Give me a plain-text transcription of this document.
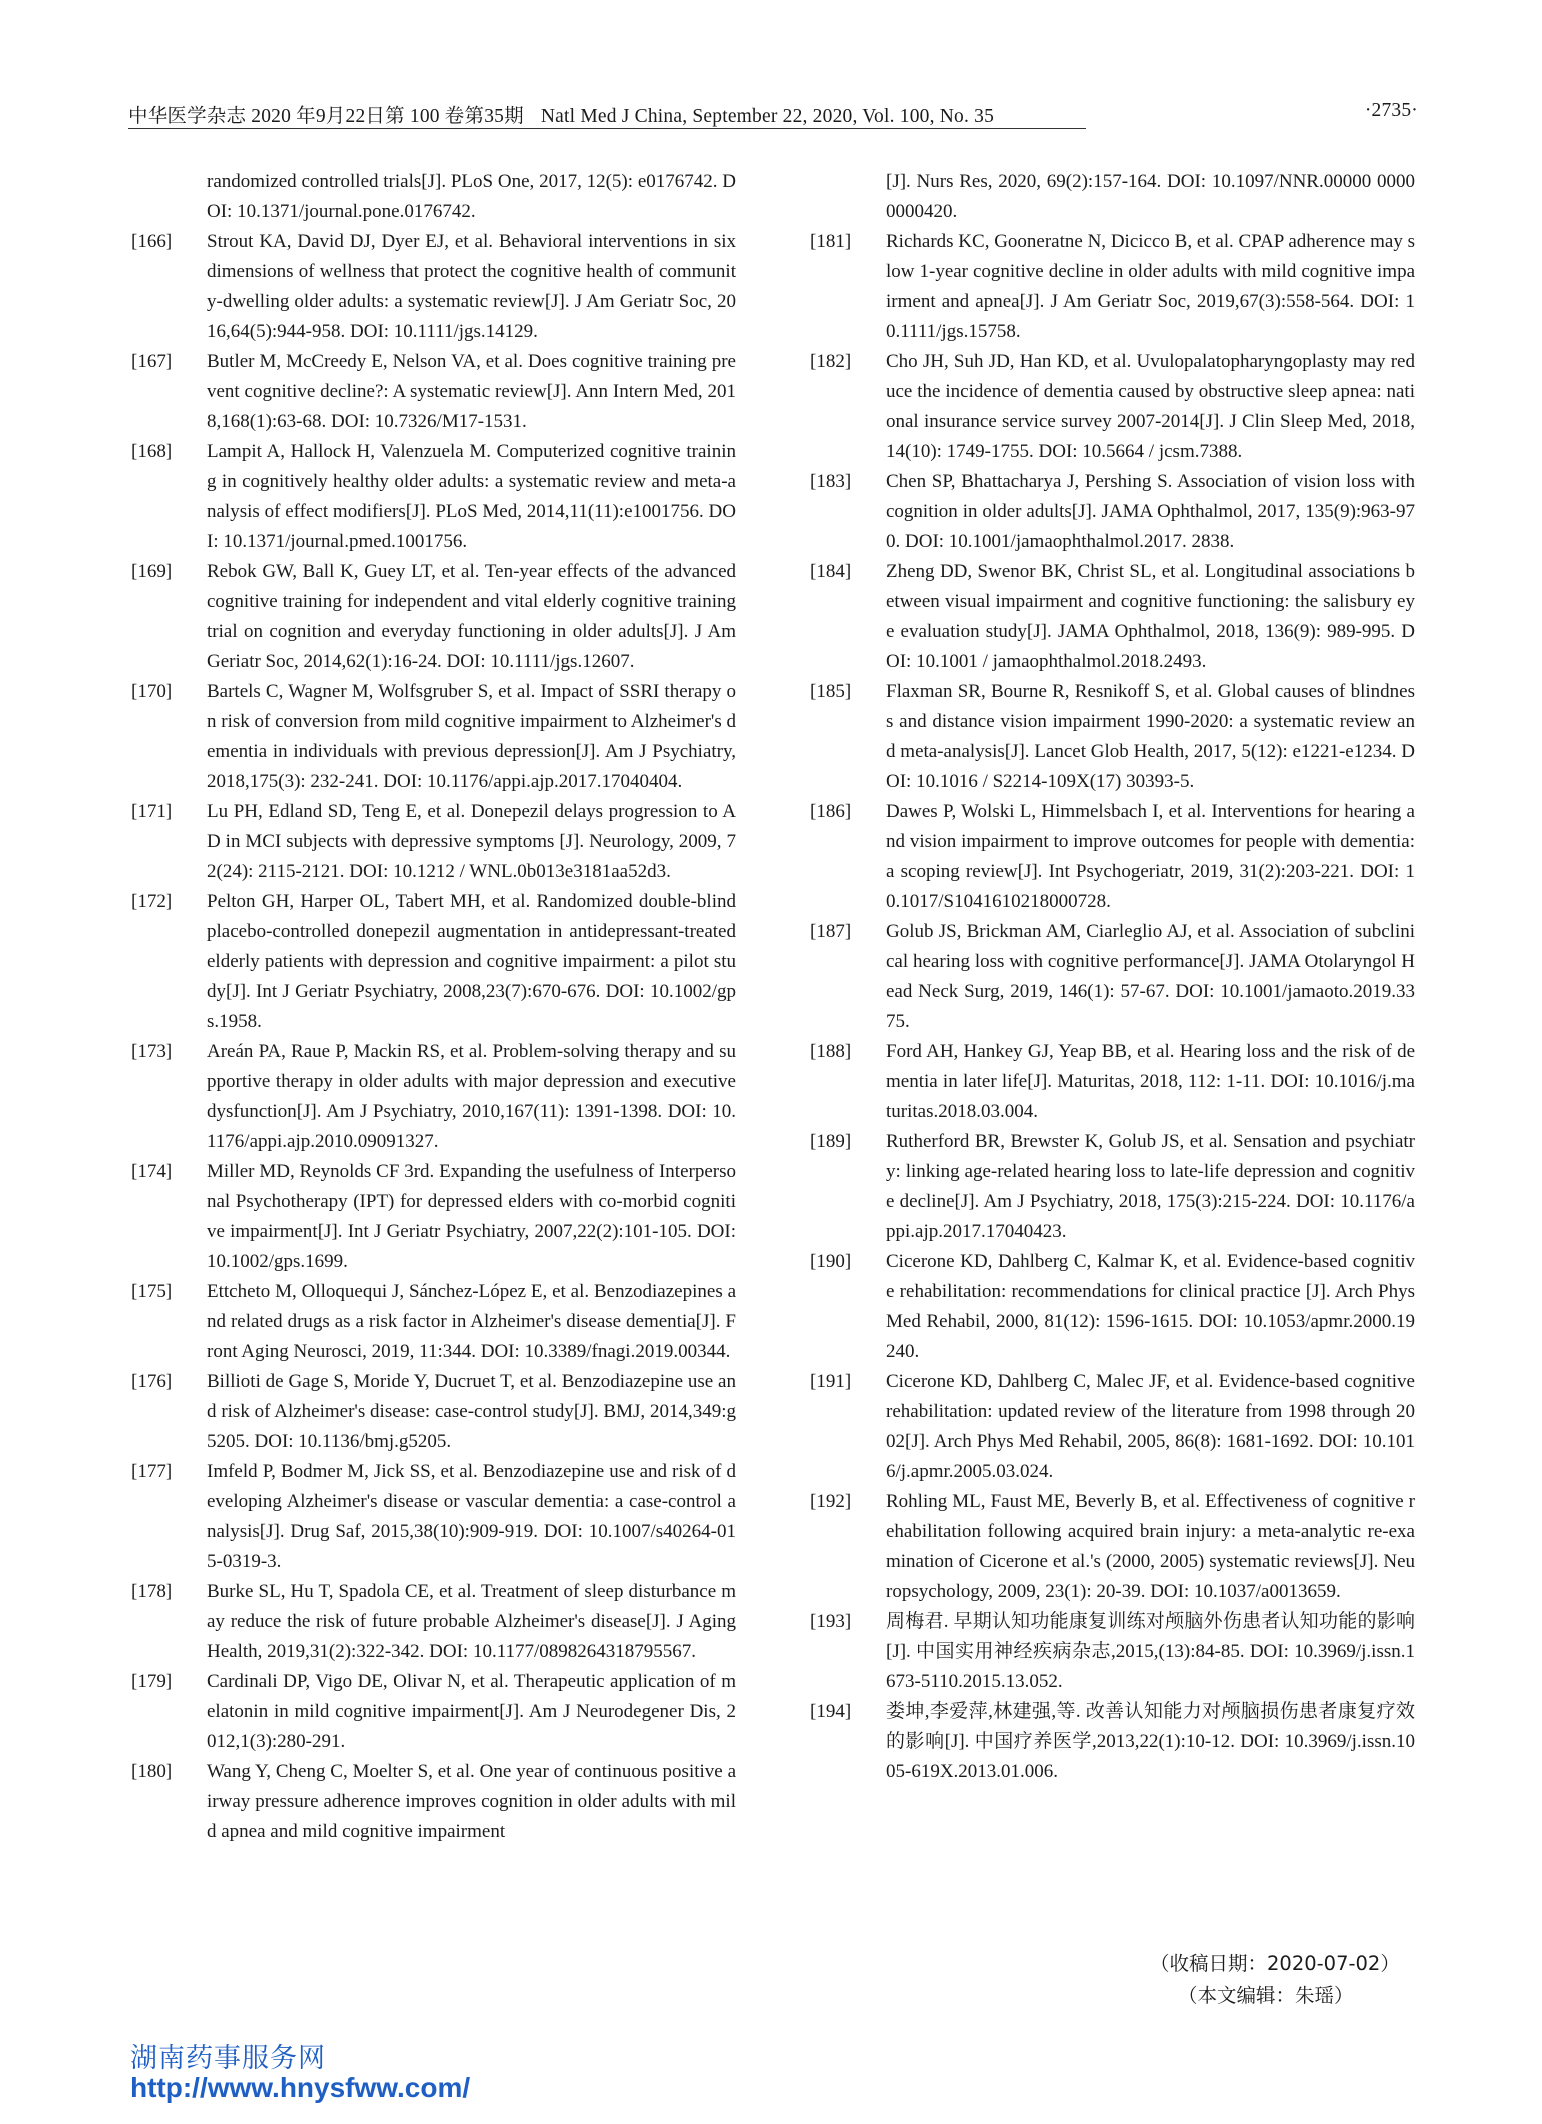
中华医学杂志 2020 年9月22日第 100 卷第35期 Natl Med J China, September 22, 2020, Vol. 100, No. 35	·2735·

randomized controlled trials[J]. PLoS One, 2017, 12(5): e0176742. DOI: 10.1371/journal.pone.0176742.

[166] Strout KA, David DJ, Dyer EJ, et al. Behavioral interventions in six dimensions of wellness that protect the cognitive health of community-dwelling older adults: a systematic review[J]. J Am Geriatr Soc, 2016,64(5):944-958. DOI: 10.1111/jgs.14129.

[167] Butler M, McCreedy E, Nelson VA, et al. Does cognitive training prevent cognitive decline?: A systematic review[J]. Ann Intern Med, 2018,168(1):63-68. DOI: 10.7326/M17-1531.

[168] Lampit A, Hallock H, Valenzuela M. Computerized cognitive training in cognitively healthy older adults: a systematic review and meta-analysis of effect modifiers[J]. PLoS Med, 2014,11(11):e1001756. DOI: 10.1371/journal.pmed.1001756.

[169] Rebok GW, Ball K, Guey LT, et al. Ten-year effects of the advanced cognitive training for independent and vital elderly cognitive training trial on cognition and everyday functioning in older adults[J]. J Am Geriatr Soc, 2014,62(1):16-24. DOI: 10.1111/jgs.12607.

[170] Bartels C, Wagner M, Wolfsgruber S, et al. Impact of SSRI therapy on risk of conversion from mild cognitive impairment to Alzheimer's dementia in individuals with previous depression[J]. Am J Psychiatry, 2018,175(3): 232-241. DOI: 10.1176/appi.ajp.2017.17040404.

[171] Lu PH, Edland SD, Teng E, et al. Donepezil delays progression to AD in MCI subjects with depressive symptoms [J]. Neurology, 2009, 72(24): 2115-2121. DOI: 10.1212 / WNL.0b013e3181aa52d3.

[172] Pelton GH, Harper OL, Tabert MH, et al. Randomized double-blind placebo-controlled donepezil augmentation in antidepressant-treated elderly patients with depression and cognitive impairment: a pilot study[J]. Int J Geriatr Psychiatry, 2008,23(7):670-676. DOI: 10.1002/gps.1958.

[173] Areán PA, Raue P, Mackin RS, et al. Problem-solving therapy and supportive therapy in older adults with major depression and executive dysfunction[J]. Am J Psychiatry, 2010,167(11): 1391-1398. DOI: 10.1176/appi.ajp.2010.09091327.

[174] Miller MD, Reynolds CF 3rd. Expanding the usefulness of Interpersonal Psychotherapy (IPT) for depressed elders with co-morbid cognitive impairment[J]. Int J Geriatr Psychiatry, 2007,22(2):101-105. DOI: 10.1002/gps.1699.

[175] Ettcheto M, Olloquequi J, Sánchez-López E, et al. Benzodiazepines and related drugs as a risk factor in Alzheimer's disease dementia[J]. Front Aging Neurosci, 2019, 11:344. DOI: 10.3389/fnagi.2019.00344.

[176] Billioti de Gage S, Moride Y, Ducruet T, et al. Benzodiazepine use and risk of Alzheimer's disease: case-control study[J]. BMJ, 2014,349:g5205. DOI: 10.1136/bmj.g5205.

[177] Imfeld P, Bodmer M, Jick SS, et al. Benzodiazepine use and risk of developing Alzheimer's disease or vascular dementia: a case-control analysis[J]. Drug Saf, 2015,38(10):909-919. DOI: 10.1007/s40264-015-0319-3.

[178] Burke SL, Hu T, Spadola CE, et al. Treatment of sleep disturbance may reduce the risk of future probable Alzheimer's disease[J]. J Aging Health, 2019,31(2):322-342. DOI: 10.1177/0898264318795567.

[179] Cardinali DP, Vigo DE, Olivar N, et al. Therapeutic application of melatonin in mild cognitive impairment[J]. Am J Neurodegener Dis, 2012,1(3):280-291.

[180] Wang Y, Cheng C, Moelter S, et al. One year of continuous positive airway pressure adherence improves cognition in older adults with mild apnea and mild cognitive impairment

[J]. Nurs Res, 2020, 69(2):157-164. DOI: 10.1097/NNR.00000 00000000420.

[181] Richards KC, Gooneratne N, Dicicco B, et al. CPAP adherence may slow 1-year cognitive decline in older adults with mild cognitive impairment and apnea[J]. J Am Geriatr Soc, 2019,67(3):558-564. DOI: 10.1111/jgs.15758.

[182] Cho JH, Suh JD, Han KD, et al. Uvulopalatopharyngoplasty may reduce the incidence of dementia caused by obstructive sleep apnea: national insurance service survey 2007-2014[J]. J Clin Sleep Med, 2018, 14(10): 1749-1755. DOI: 10.5664 / jcsm.7388.

[183] Chen SP, Bhattacharya J, Pershing S. Association of vision loss with cognition in older adults[J]. JAMA Ophthalmol, 2017, 135(9):963-970. DOI: 10.1001/jamaophthalmol.2017. 2838.

[184] Zheng DD, Swenor BK, Christ SL, et al. Longitudinal associations between visual impairment and cognitive functioning: the salisbury eye evaluation study[J]. JAMA Ophthalmol, 2018, 136(9): 989-995. DOI: 10.1001 / jamaophthalmol.2018.2493.

[185] Flaxman SR, Bourne R, Resnikoff S, et al. Global causes of blindness and distance vision impairment 1990-2020: a systematic review and meta-analysis[J]. Lancet Glob Health, 2017, 5(12): e1221-e1234. DOI: 10.1016 / S2214-109X(17) 30393-5.

[186] Dawes P, Wolski L, Himmelsbach I, et al. Interventions for hearing and vision impairment to improve outcomes for people with dementia: a scoping review[J]. Int Psychogeriatr, 2019, 31(2):203-221. DOI: 10.1017/S1041610218000728.

[187] Golub JS, Brickman AM, Ciarleglio AJ, et al. Association of subclinical hearing loss with cognitive performance[J]. JAMA Otolaryngol Head Neck Surg, 2019, 146(1): 57-67. DOI: 10.1001/jamaoto.2019.3375.

[188] Ford AH, Hankey GJ, Yeap BB, et al. Hearing loss and the risk of dementia in later life[J]. Maturitas, 2018, 112: 1-11. DOI: 10.1016/j.maturitas.2018.03.004.

[189] Rutherford BR, Brewster K, Golub JS, et al. Sensation and psychiatry: linking age-related hearing loss to late-life depression and cognitive decline[J]. Am J Psychiatry, 2018, 175(3):215-224. DOI: 10.1176/appi.ajp.2017.17040423.

[190] Cicerone KD, Dahlberg C, Kalmar K, et al. Evidence-based cognitive rehabilitation: recommendations for clinical practice [J]. Arch Phys Med Rehabil, 2000, 81(12): 1596-1615. DOI: 10.1053/apmr.2000.19240.

[191] Cicerone KD, Dahlberg C, Malec JF, et al. Evidence-based cognitive rehabilitation: updated review of the literature from 1998 through 2002[J]. Arch Phys Med Rehabil, 2005, 86(8): 1681-1692. DOI: 10.1016/j.apmr.2005.03.024.

[192] Rohling ML, Faust ME, Beverly B, et al. Effectiveness of cognitive rehabilitation following acquired brain injury: a meta-analytic re-examination of Cicerone et al.'s (2000, 2005) systematic reviews[J]. Neuropsychology, 2009, 23(1): 20-39. DOI: 10.1037/a0013659.

[193] 周梅君. 早期认知功能康复训练对颅脑外伤患者认知功能的影响[J]. 中国实用神经疾病杂志,2015,(13):84-85. DOI: 10.3969/j.issn.1673-5110.2015.13.052.

[194] 娄坤,李爱萍,林建强,等. 改善认知能力对颅脑损伤患者康复疗效的影响[J]. 中国疗养医学,2013,22(1):10-12. DOI: 10.3969/j.issn.1005-619X.2013.01.006.

（收稿日期：2020-07-02）
（本文编辑：朱瑶）
湖南药事服务网
http://www.hnysfww.com/
